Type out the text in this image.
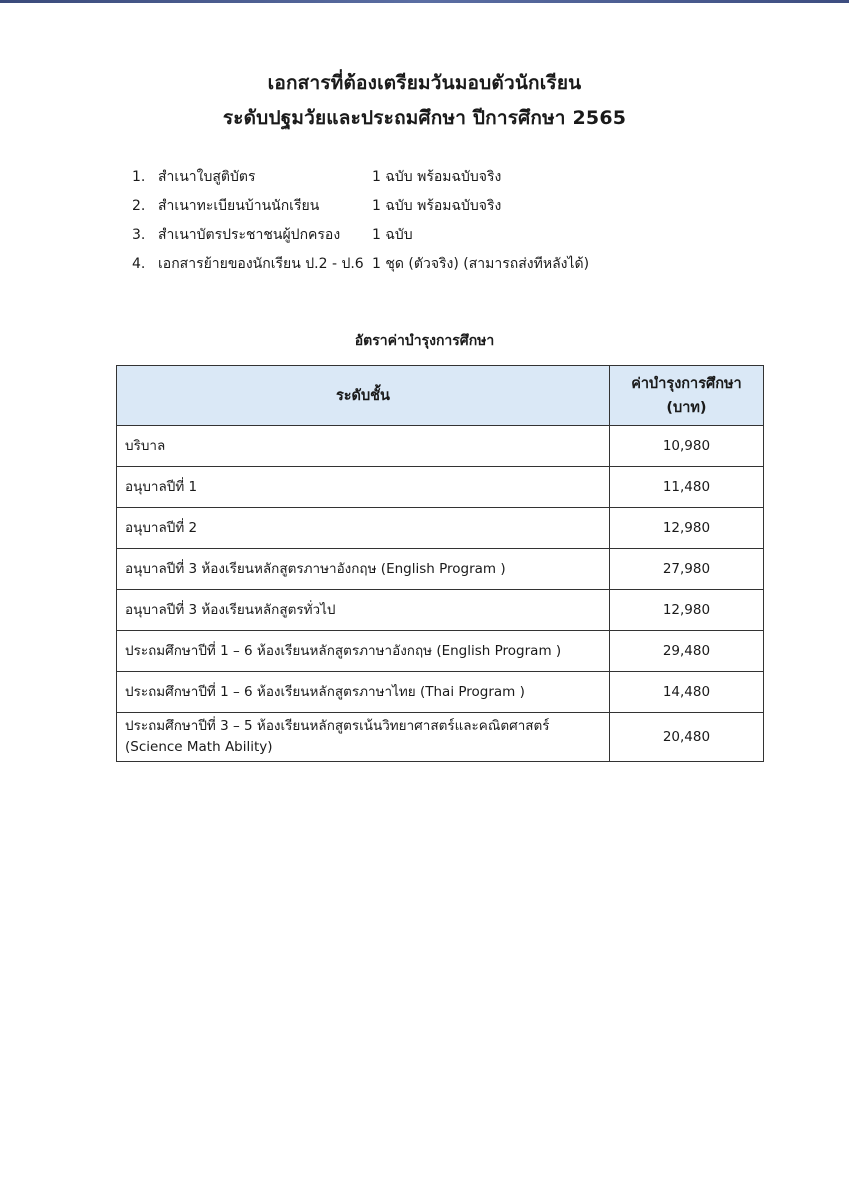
เอกสารที่ต้องเตรียมวันมอบตัวนักเรียน
ระดับปฐมวัยและประถมศึกษา ปีการศึกษา 2565
1. สำเนาใบสูติบัตร	1 ฉบับ พร้อมฉบับจริง
2. สำเนาทะเบียนบ้านนักเรียน	1 ฉบับ พร้อมฉบับจริง
3. สำเนาบัตรประชาชนผู้ปกครอง 1 ฉบับ
4. เอกสารย้ายของนักเรียน ป.2 - ป.6 1 ชุด (ตัวจริง) (สามารถส่งทีหลังได้)
อัตราค่าบำรุงการศึกษา
ระดับชั้น	ค่าบำรุงการศึกษา
(บาท)

บริบาล	10,980
อนุบาลปีที่ 1	11,480
อนุบาลปีที่ 2	12,980
อนุบาลปีที่ 3 ห้องเรียนหลักสูตรภาษาอังกฤษ (English Program )	27,980
อนุบาลปีที่ 3 ห้องเรียนหลักสูตรทั่วไป	12,980
ประถมศึกษาปีที่ 1 – 6 ห้องเรียนหลักสูตรภาษาอังกฤษ (English Program )	29,480
ประถมศึกษาปีที่ 1 – 6 ห้องเรียนหลักสูตรภาษาไทย (Thai Program )	14,480

ประถมศึกษาปีที่ 3 – 5 ห้องเรียนหลักสูตรเน้นวิทยาศาสตร์และคณิตศาสตร์
(Science Math Ability)	20,480
